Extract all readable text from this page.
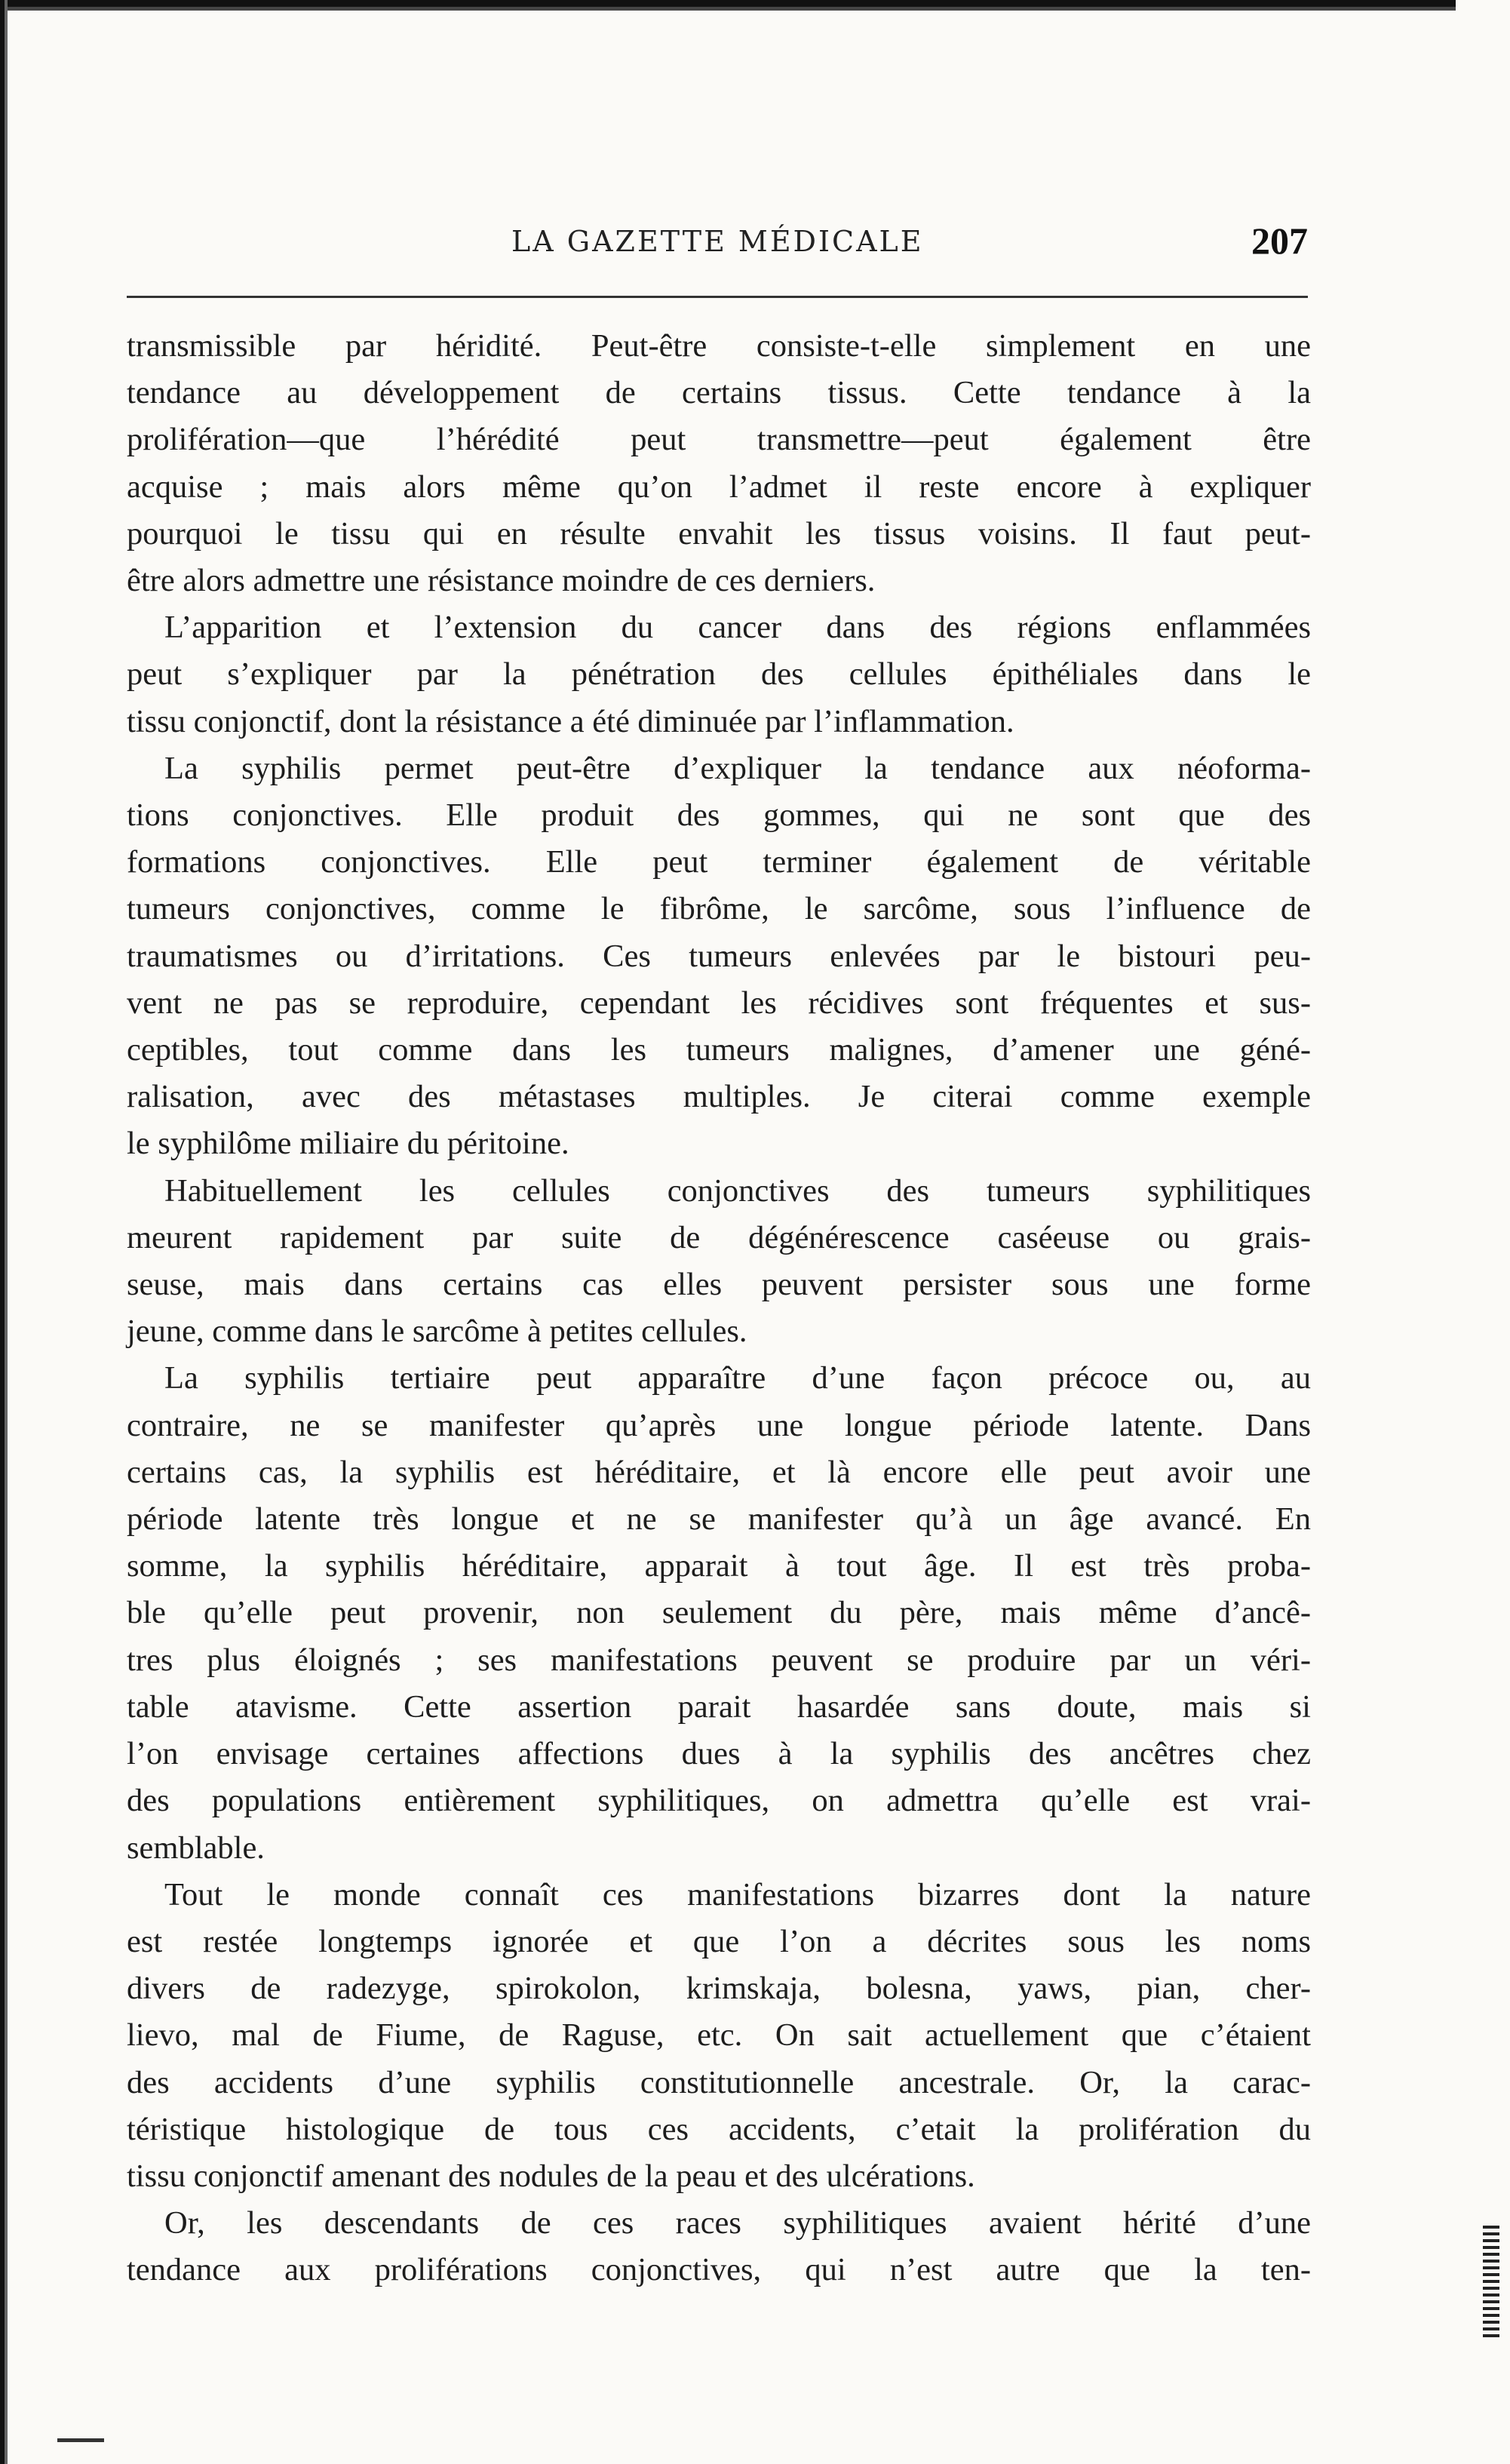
LA GAZETTE MÉDICALE	207
transmissible par héridité. Peut-être consiste-t-elle simplement en une
tendance au développement de certains tissus. Cette tendance à la
prolifération—que l’hérédité peut transmettre—peut également être
acquise ; mais alors même qu’on l’admet il reste encore à expliquer
pourquoi le tissu qui en résulte envahit les tissus voisins. Il faut peut-
être alors admettre une résistance moindre de ces derniers.
L’apparition et l’extension du cancer dans des régions enflammées
peut s’expliquer par la pénétration des cellules épithéliales dans le
tissu conjonctif, dont la résistance a été diminuée par l’inflammation.
La syphilis permet peut-être d’expliquer la tendance aux néoforma-
tions conjonctives. Elle produit des gommes, qui ne sont que des
formations conjonctives. Elle peut terminer également de véritable
tumeurs conjonctives, comme le fibrôme, le sarcôme, sous l’influence de
traumatismes ou d’irritations. Ces tumeurs enlevées par le bistouri peu-
vent ne pas se reproduire, cependant les récidives sont fréquentes et sus-
ceptibles, tout comme dans les tumeurs malignes, d’amener une géné-
ralisation, avec des métastases multiples. Je citerai comme exemple
le syphilôme miliaire du péritoine.
Habituellement les cellules conjonctives des tumeurs syphilitiques
meurent rapidement par suite de dégénérescence caséeuse ou grais-
seuse, mais dans certains cas elles peuvent persister sous une forme
jeune, comme dans le sarcôme à petites cellules.
La syphilis tertiaire peut apparaître d’une façon précoce ou, au
contraire, ne se manifester qu’après une longue période latente. Dans
certains cas, la syphilis est héréditaire, et là encore elle peut avoir une
période latente très longue et ne se manifester qu’à un âge avancé. En
somme, la syphilis héréditaire, apparait à tout âge. Il est très proba-
ble qu’elle peut provenir, non seulement du père, mais même d’ancê-
tres plus éloignés ; ses manifestations peuvent se produire par un véri-
table atavisme. Cette assertion parait hasardée sans doute, mais si
l’on envisage certaines affections dues à la syphilis des ancêtres chez
des populations entièrement syphilitiques, on admettra qu’elle est vrai-
semblable.
Tout le monde connaît ces manifestations bizarres dont la nature
est restée longtemps ignorée et que l’on a décrites sous les noms
divers de radezyge, spirokolon, krimskaja, bolesna, yaws, pian, cher-
lievo, mal de Fiume, de Raguse, etc. On sait actuellement que c’étaient
des accidents d’une syphilis constitutionnelle ancestrale. Or, la carac-
téristique histologique de tous ces accidents, c’etait la prolifération du
tissu conjonctif amenant des nodules de la peau et des ulcérations.
Or, les descendants de ces races syphilitiques avaient hérité d’une
tendance aux proliférations conjonctives, qui n’est autre que la ten-
